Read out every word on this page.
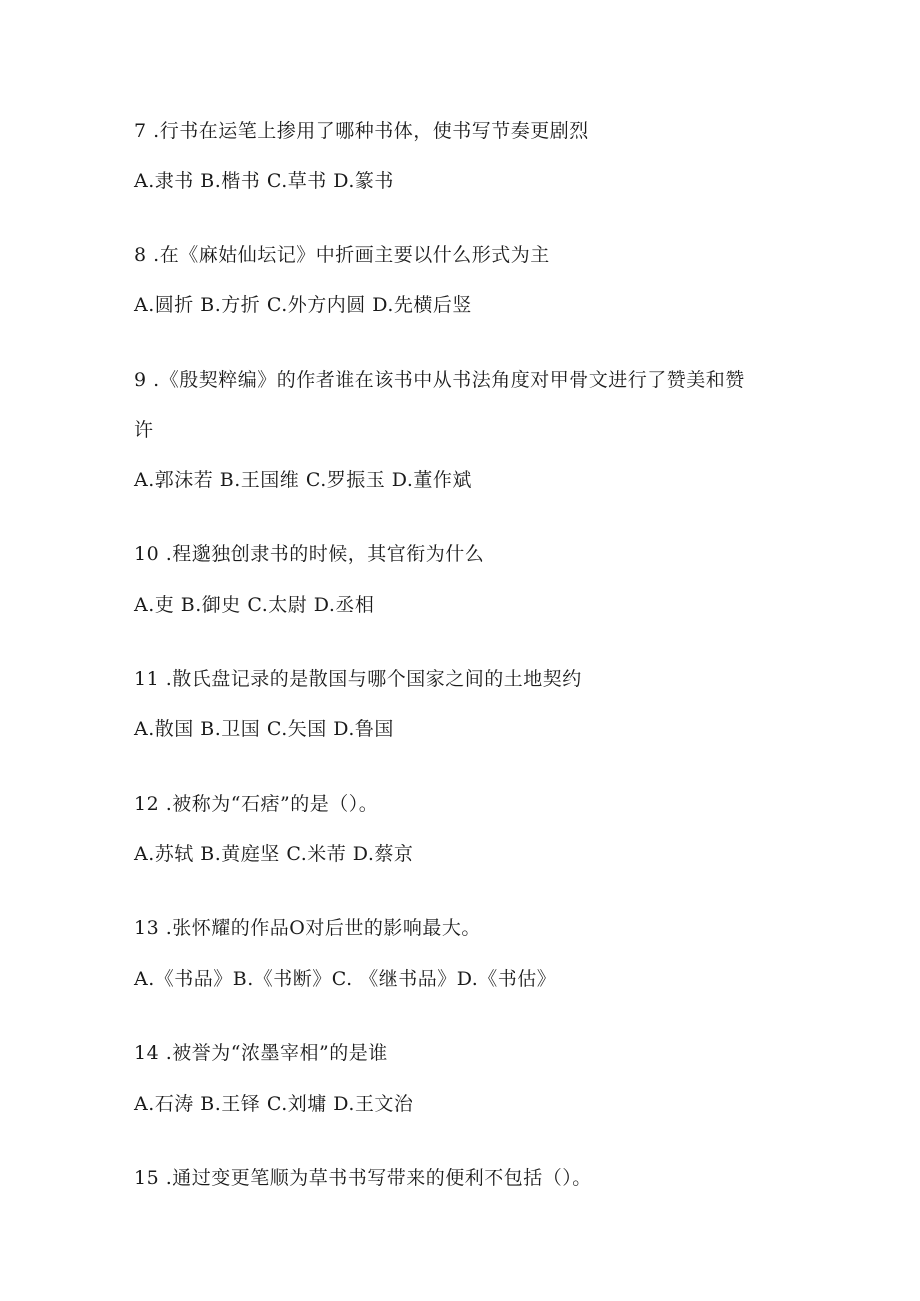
7 .行书在运笔上掺用了哪种书体，使书写节奏更剧烈
A.隶书 B.楷书 C.草书 D.篆书
8 .在《麻姑仙坛记》中折画主要以什么形式为主
A.圆折 B.方折 C.外方内圆 D.先横后竖
9 .《殷契粹编》的作者谁在该书中从书法角度对甲骨文进行了赞美和赞
许
A.郭沫若 B.王国维 C.罗振玉 D.董作斌
10 .程邈独创隶书的时候，其官衔为什么
A.吏 B.御史 C.太尉 D.丞相
11 .散氏盘记录的是散国与哪个国家之间的土地契约
A.散国 B.卫国 C.矢国 D.鲁国
12 .被称为“石痞”的是（）。
A.苏轼 B.黄庭坚 C.米芾 D.蔡京
13 .张怀耀的作品O对后世的影响最大。
A.《书品》B.《书断》C. 《继书品》D.《书估》
14 .被誉为“浓墨宰相”的是谁
A.石涛 B.王铎 C.刘墉 D.王文治
15 .通过变更笔顺为草书书写带来的便利不包括（）。
